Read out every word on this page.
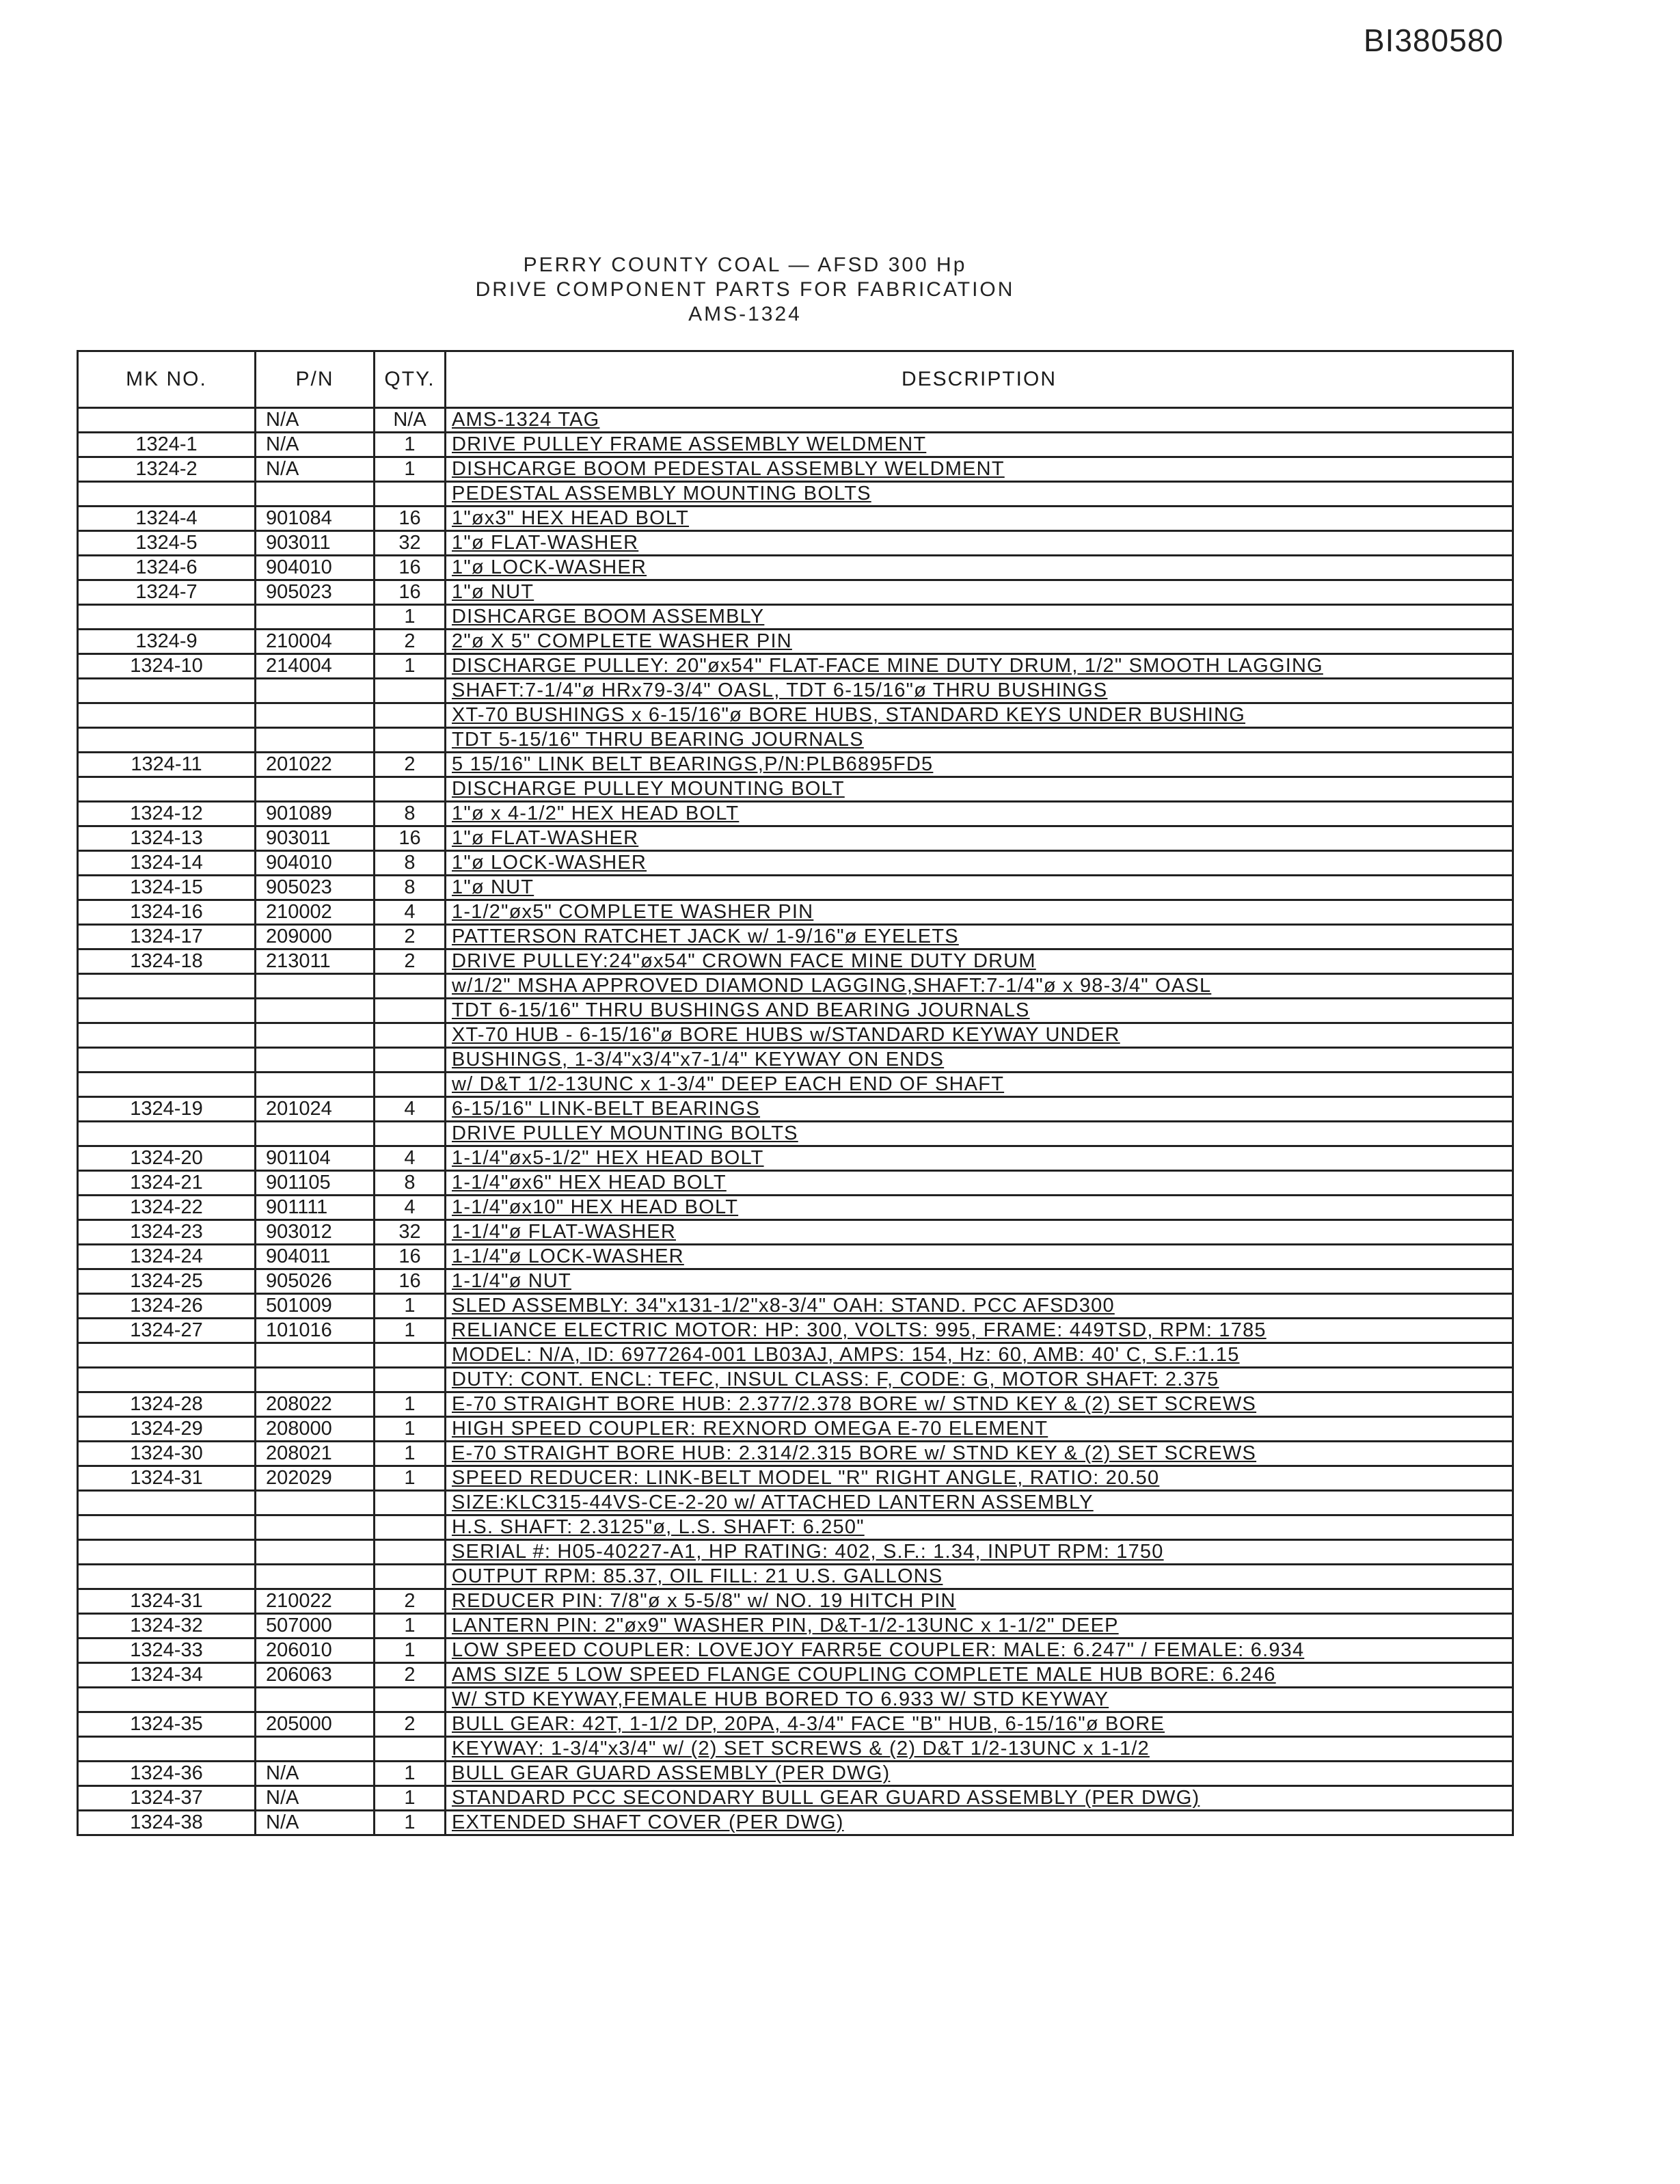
BI380580
PERRY COUNTY COAL — AFSD 300 Hp
DRIVE COMPONENT PARTS FOR FABRICATION
AMS-1324
MK NO.	P/N	QTY.	DESCRIPTION
	N/A	N/A	AMS-1324 TAG
1324-1	N/A	1	DRIVE PULLEY FRAME ASSEMBLY WELDMENT
1324-2	N/A	1	DISHCARGE BOOM PEDESTAL ASSEMBLY WELDMENT
			PEDESTAL ASSEMBLY MOUNTING BOLTS
1324-4	901084	16	1"øx3" HEX HEAD BOLT
1324-5	903011	32	1"ø FLAT-WASHER
1324-6	904010	16	1"ø LOCK-WASHER
1324-7	905023	16	1"ø NUT
		1	DISHCARGE BOOM ASSEMBLY
1324-9	210004	2	2"ø X 5" COMPLETE WASHER PIN
1324-10	214004	1	DISCHARGE PULLEY: 20"øx54" FLAT-FACE MINE DUTY DRUM, 1/2" SMOOTH LAGGING
			SHAFT:7-1/4"ø HRx79-3/4" OASL, TDT 6-15/16"ø THRU BUSHINGS
			XT-70 BUSHINGS x 6-15/16"ø BORE HUBS, STANDARD KEYS UNDER BUSHING
			TDT 5-15/16" THRU BEARING JOURNALS
1324-11	201022	2	5 15/16" LINK BELT BEARINGS,P/N:PLB6895FD5
			DISCHARGE PULLEY MOUNTING BOLT
1324-12	901089	8	1"ø x 4-1/2" HEX HEAD BOLT
1324-13	903011	16	1"ø FLAT-WASHER
1324-14	904010	8	1"ø LOCK-WASHER
1324-15	905023	8	1"ø NUT
1324-16	210002	4	1-1/2"øx5" COMPLETE WASHER PIN
1324-17	209000	2	PATTERSON RATCHET JACK w/ 1-9/16"ø EYELETS
1324-18	213011	2	DRIVE PULLEY:24"øx54" CROWN FACE MINE DUTY DRUM
			w/1/2" MSHA APPROVED DIAMOND LAGGING,SHAFT:7-1/4"ø x 98-3/4" OASL
			TDT 6-15/16" THRU BUSHINGS AND BEARING JOURNALS
			XT-70 HUB - 6-15/16"ø BORE HUBS w/STANDARD KEYWAY UNDER
			BUSHINGS, 1-3/4"x3/4"x7-1/4" KEYWAY ON ENDS
			w/ D&T 1/2-13UNC x 1-3/4" DEEP EACH END OF SHAFT
1324-19	201024	4	6-15/16" LINK-BELT BEARINGS
			DRIVE PULLEY MOUNTING BOLTS
1324-20	901104	4	1-1/4"øx5-1/2" HEX HEAD BOLT
1324-21	901105	8	1-1/4"øx6" HEX HEAD BOLT
1324-22	901111	4	1-1/4"øx10" HEX HEAD BOLT
1324-23	903012	32	1-1/4"ø FLAT-WASHER
1324-24	904011	16	1-1/4"ø LOCK-WASHER
1324-25	905026	16	1-1/4"ø NUT
1324-26	501009	1	SLED ASSEMBLY: 34"x131-1/2"x8-3/4" OAH: STAND. PCC AFSD300
1324-27	101016	1	RELIANCE ELECTRIC MOTOR: HP: 300, VOLTS: 995, FRAME: 449TSD, RPM: 1785
			MODEL: N/A, ID: 6977264-001 LB03AJ, AMPS: 154, Hz: 60, AMB: 40' C, S.F.:1.15
			DUTY: CONT. ENCL: TEFC, INSUL CLASS: F, CODE: G, MOTOR SHAFT: 2.375
1324-28	208022	1	E-70 STRAIGHT BORE HUB: 2.377/2.378 BORE w/ STND KEY & (2) SET SCREWS
1324-29	208000	1	HIGH SPEED COUPLER: REXNORD OMEGA E-70 ELEMENT
1324-30	208021	1	E-70 STRAIGHT BORE HUB: 2.314/2.315 BORE w/ STND KEY & (2) SET SCREWS
1324-31	202029	1	SPEED REDUCER: LINK-BELT MODEL "R" RIGHT ANGLE, RATIO: 20.50
			SIZE:KLC315-44VS-CE-2-20 w/ ATTACHED LANTERN ASSEMBLY
			H.S. SHAFT: 2.3125"ø, L.S. SHAFT: 6.250"
			SERIAL #: H05-40227-A1, HP RATING: 402, S.F.: 1.34, INPUT RPM: 1750
			OUTPUT RPM: 85.37, OIL FILL: 21 U.S. GALLONS
1324-31	210022	2	REDUCER PIN: 7/8"ø x 5-5/8" w/ NO. 19 HITCH PIN
1324-32	507000	1	LANTERN PIN: 2"øx9" WASHER PIN, D&T-1/2-13UNC x 1-1/2" DEEP
1324-33	206010	1	LOW SPEED COUPLER: LOVEJOY FARR5E COUPLER: MALE: 6.247" / FEMALE: 6.934
1324-34	206063	2	AMS SIZE 5 LOW SPEED FLANGE COUPLING COMPLETE MALE HUB BORE: 6.246
			W/ STD KEYWAY,FEMALE HUB BORED TO 6.933 W/ STD KEYWAY
1324-35	205000	2	BULL GEAR: 42T, 1-1/2 DP, 20PA, 4-3/4" FACE "B" HUB, 6-15/16"ø BORE
			KEYWAY: 1-3/4"x3/4" w/ (2) SET SCREWS & (2) D&T 1/2-13UNC x 1-1/2
1324-36	N/A	1	BULL GEAR GUARD ASSEMBLY (PER DWG)
1324-37	N/A	1	STANDARD PCC SECONDARY BULL GEAR GUARD ASSEMBLY (PER DWG)
1324-38	N/A	1	EXTENDED SHAFT COVER (PER DWG)
